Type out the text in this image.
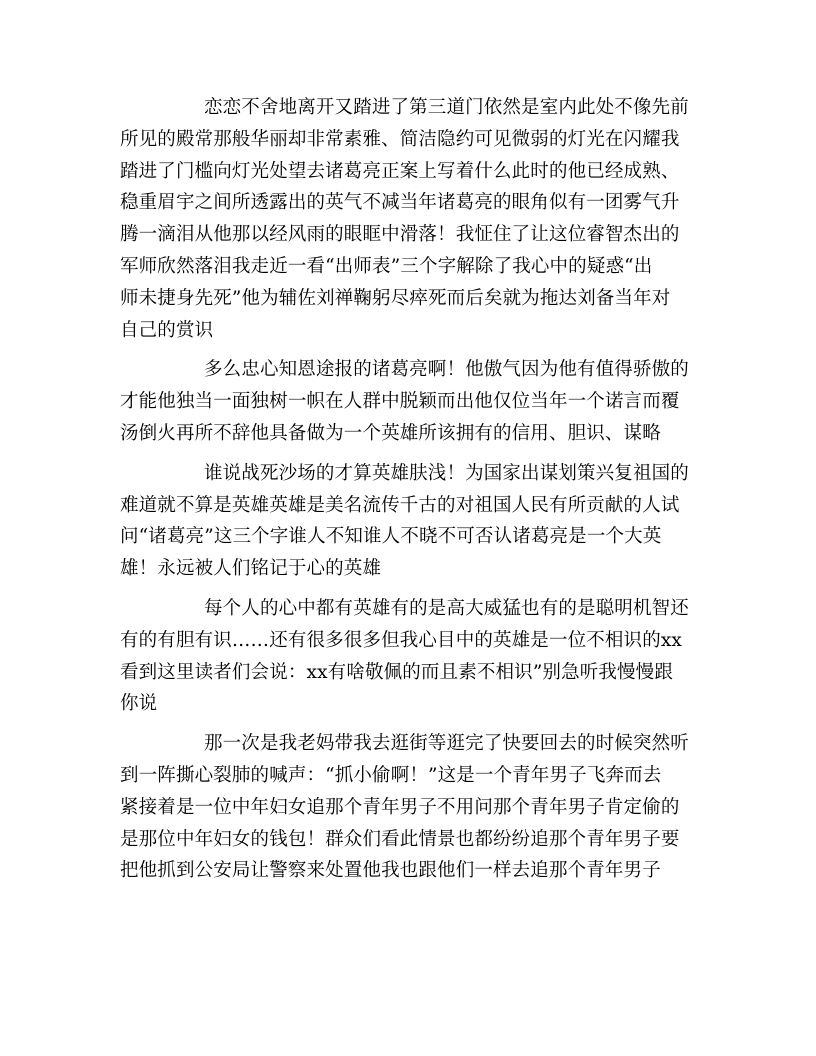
恋恋不舍地离开又踏进了第三道门依然是室内此处不像先前
所见的殿常那般华丽却非常素雅、简洁隐约可见微弱的灯光在闪耀我
踏进了门槛向灯光处望去诸葛亮正案上写着什么此时的他已经成熟、
稳重眉宇之间所透露出的英气不减当年诸葛亮的眼角似有一团雾气升
腾一滴泪从他那以经风雨的眼眶中滑落！我怔住了让这位睿智杰出的
军师欣然落泪我走近一看“出师表”三个字解除了我心中的疑惑“出
师未捷身先死”他为辅佐刘禅鞠躬尽瘁死而后矣就为拖达刘备当年对
自己的赏识
多么忠心知恩途报的诸葛亮啊！他傲气因为他有值得骄傲的
才能他独当一面独树一帜在人群中脱颖而出他仅位当年一个诺言而覆
汤倒火再所不辞他具备做为一个英雄所该拥有的信用、胆识、谋略
谁说战死沙场的才算英雄肤浅！为国家出谋划策兴复祖国的
难道就不算是英雄英雄是美名流传千古的对祖国人民有所贡献的人试
问“诸葛亮”这三个字谁人不知谁人不晓不可否认诸葛亮是一个大英
雄！永远被人们铭记于心的英雄
每个人的心中都有英雄有的是高大威猛也有的是聪明机智还
有的有胆有识……还有很多很多但我心目中的英雄是一位不相识的xx
看到这里读者们会说：xx有啥敬佩的而且素不相识”别急听我慢慢跟
你说
那一次是我老妈带我去逛街等逛完了快要回去的时候突然听
到一阵撕心裂肺的喊声：“抓小偷啊！”这是一个青年男子飞奔而去
紧接着是一位中年妇女追那个青年男子不用问那个青年男子肯定偷的
是那位中年妇女的钱包！群众们看此情景也都纷纷追那个青年男子要
把他抓到公安局让警察来处置他我也跟他们一样去追那个青年男子
